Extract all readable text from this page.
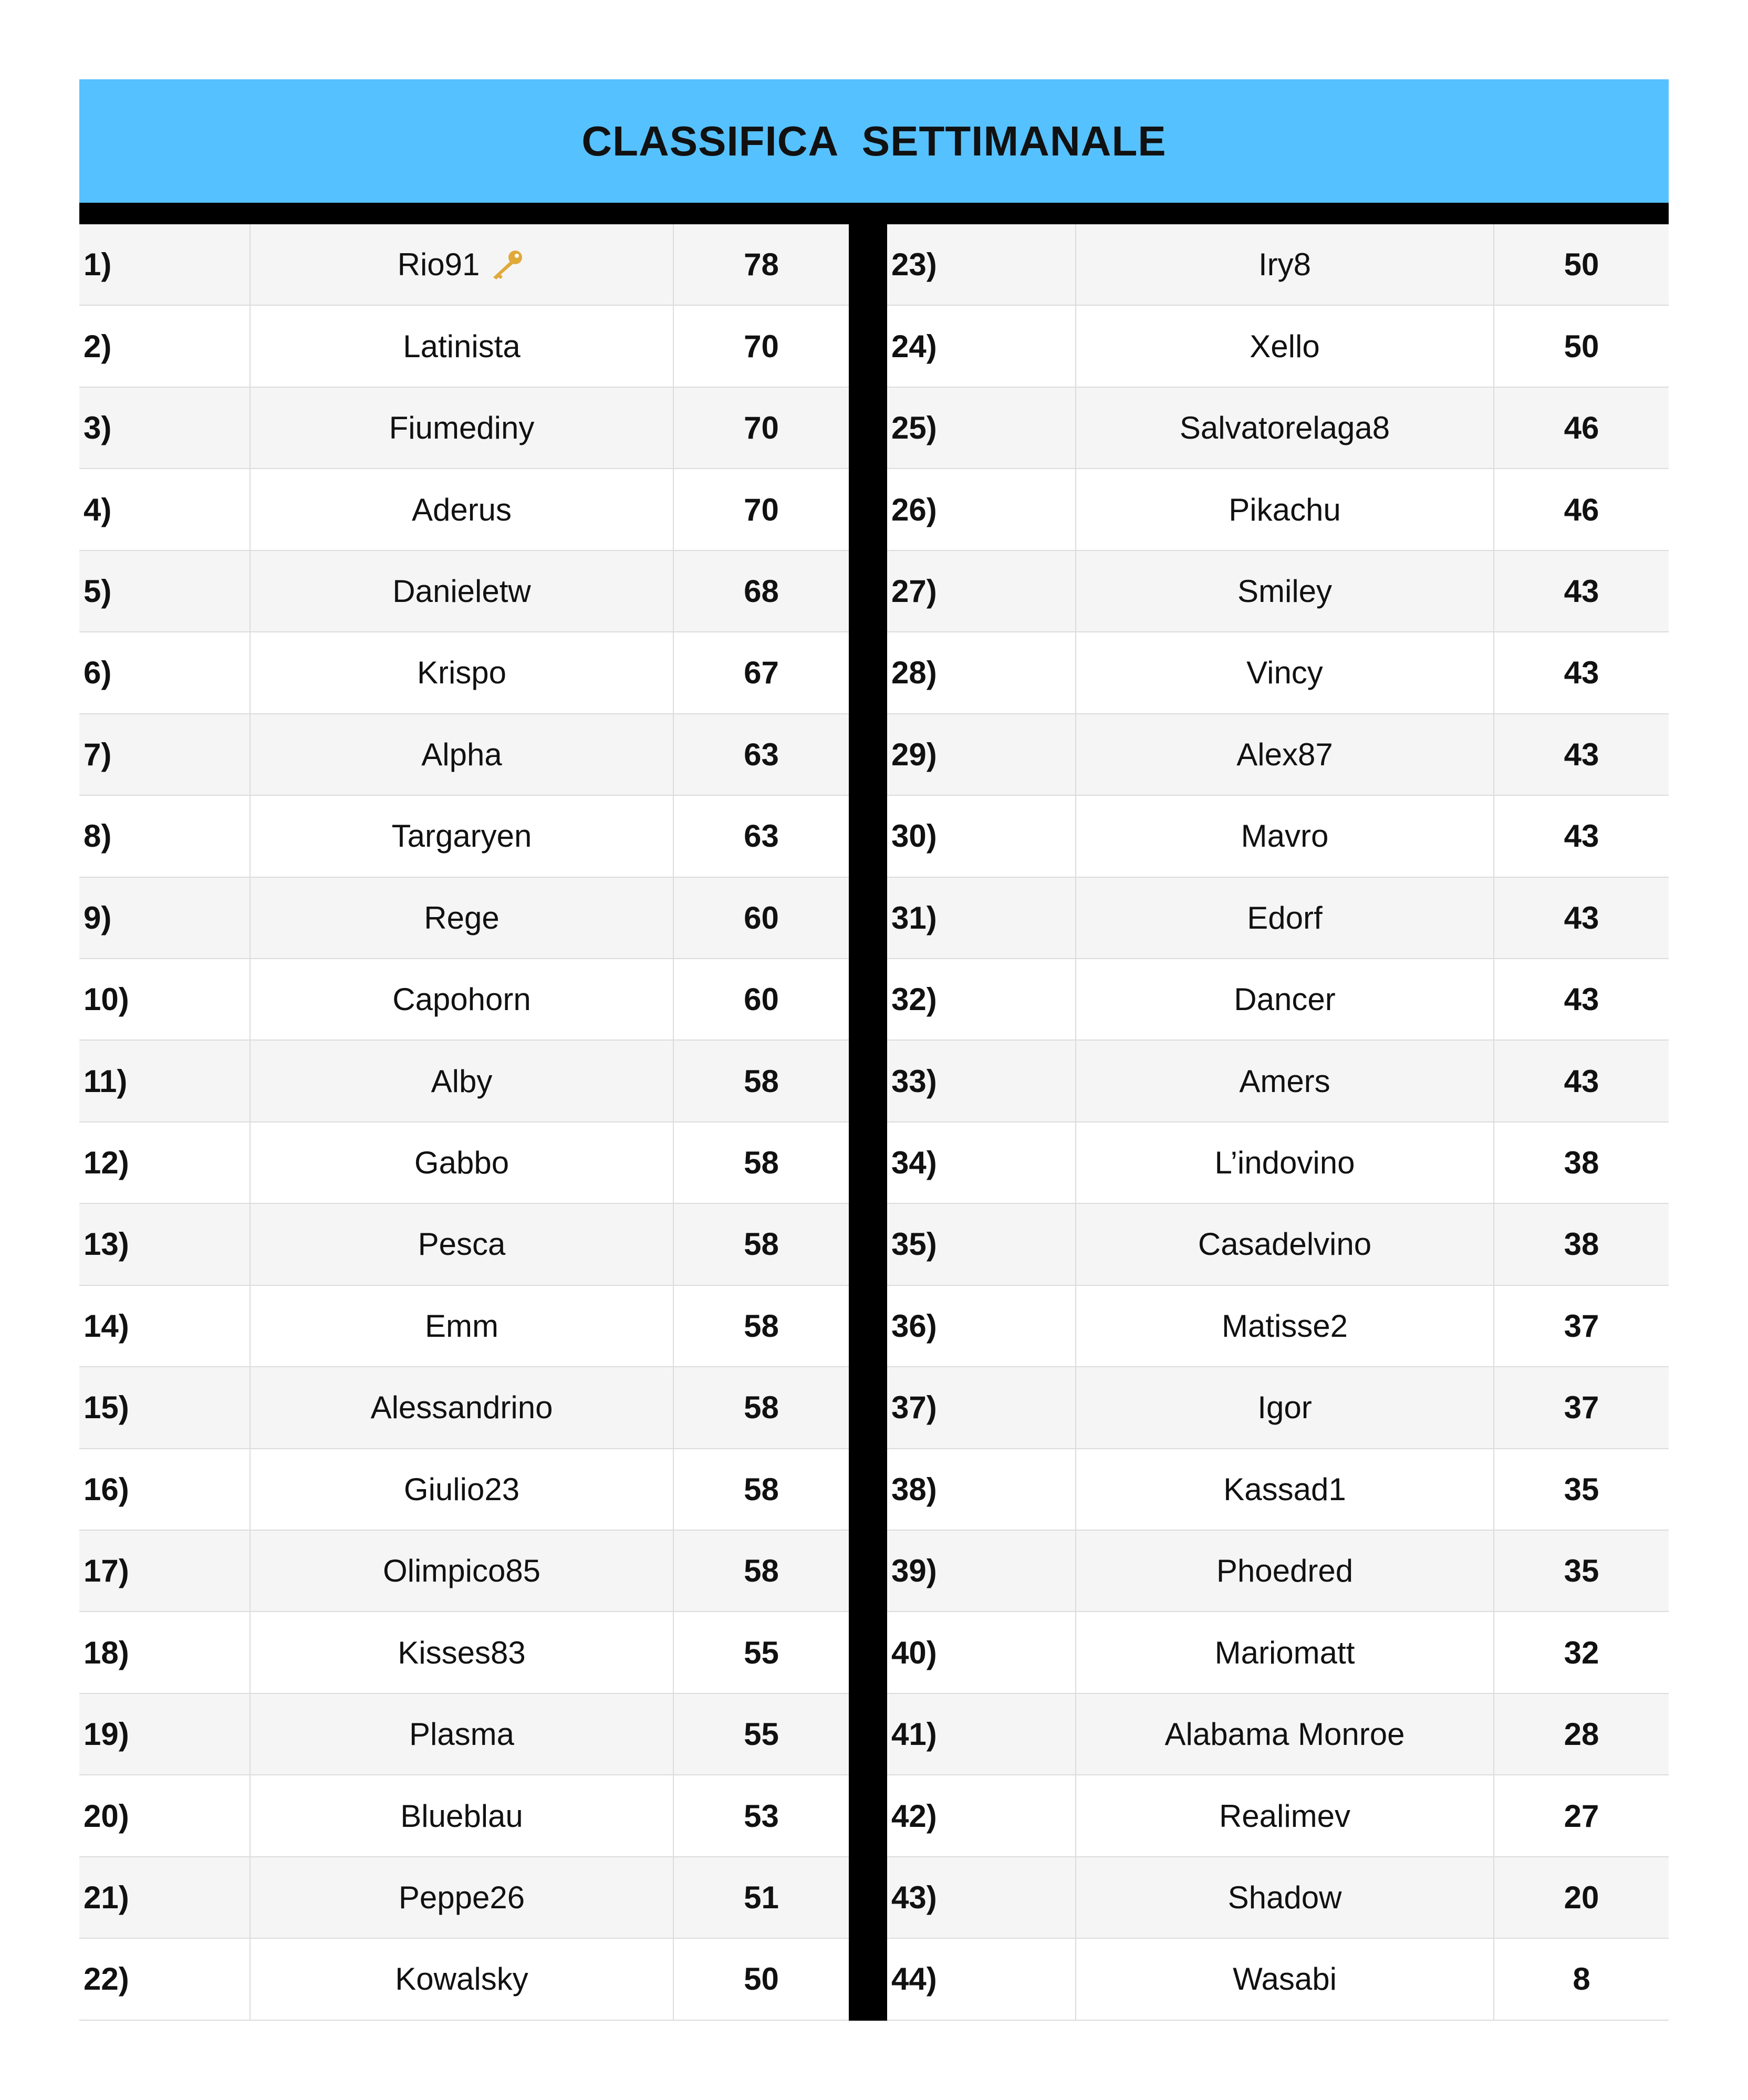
CLASSIFICA  SETTIMANALE
1)	Rio91	78
2)	Latinista	70
3)	Fiumediny	70
4)	Aderus	70
5)	Danieletw	68
6)	Krispo	67
7)	Alpha	63
8)	Targaryen	63
9)	Rege	60
10)	Capohorn	60
11)	Alby	58
12)	Gabbo	58
13)	Pesca	58
14)	Emm	58
15)	Alessandrino	58
16)	Giulio23	58
17)	Olimpico85	58
18)	Kisses83	55
19)	Plasma	55
20)	Blueblau	53
21)	Peppe26	51
22)	Kowalsky	50
23)	Iry8	50
24)	Xello	50
25)	Salvatorelaga8	46
26)	Pikachu	46
27)	Smiley	43
28)	Vincy	43
29)	Alex87	43
30)	Mavro	43
31)	Edorf	43
32)	Dancer	43
33)	Amers	43
34)	L’indovino	38
35)	Casadelvino	38
36)	Matisse2	37
37)	Igor	37
38)	Kassad1	35
39)	Phoedred	35
40)	Mariomatt	32
41)	Alabama Monroe	28
42)	Realimev	27
43)	Shadow	20
44)	Wasabi	8
